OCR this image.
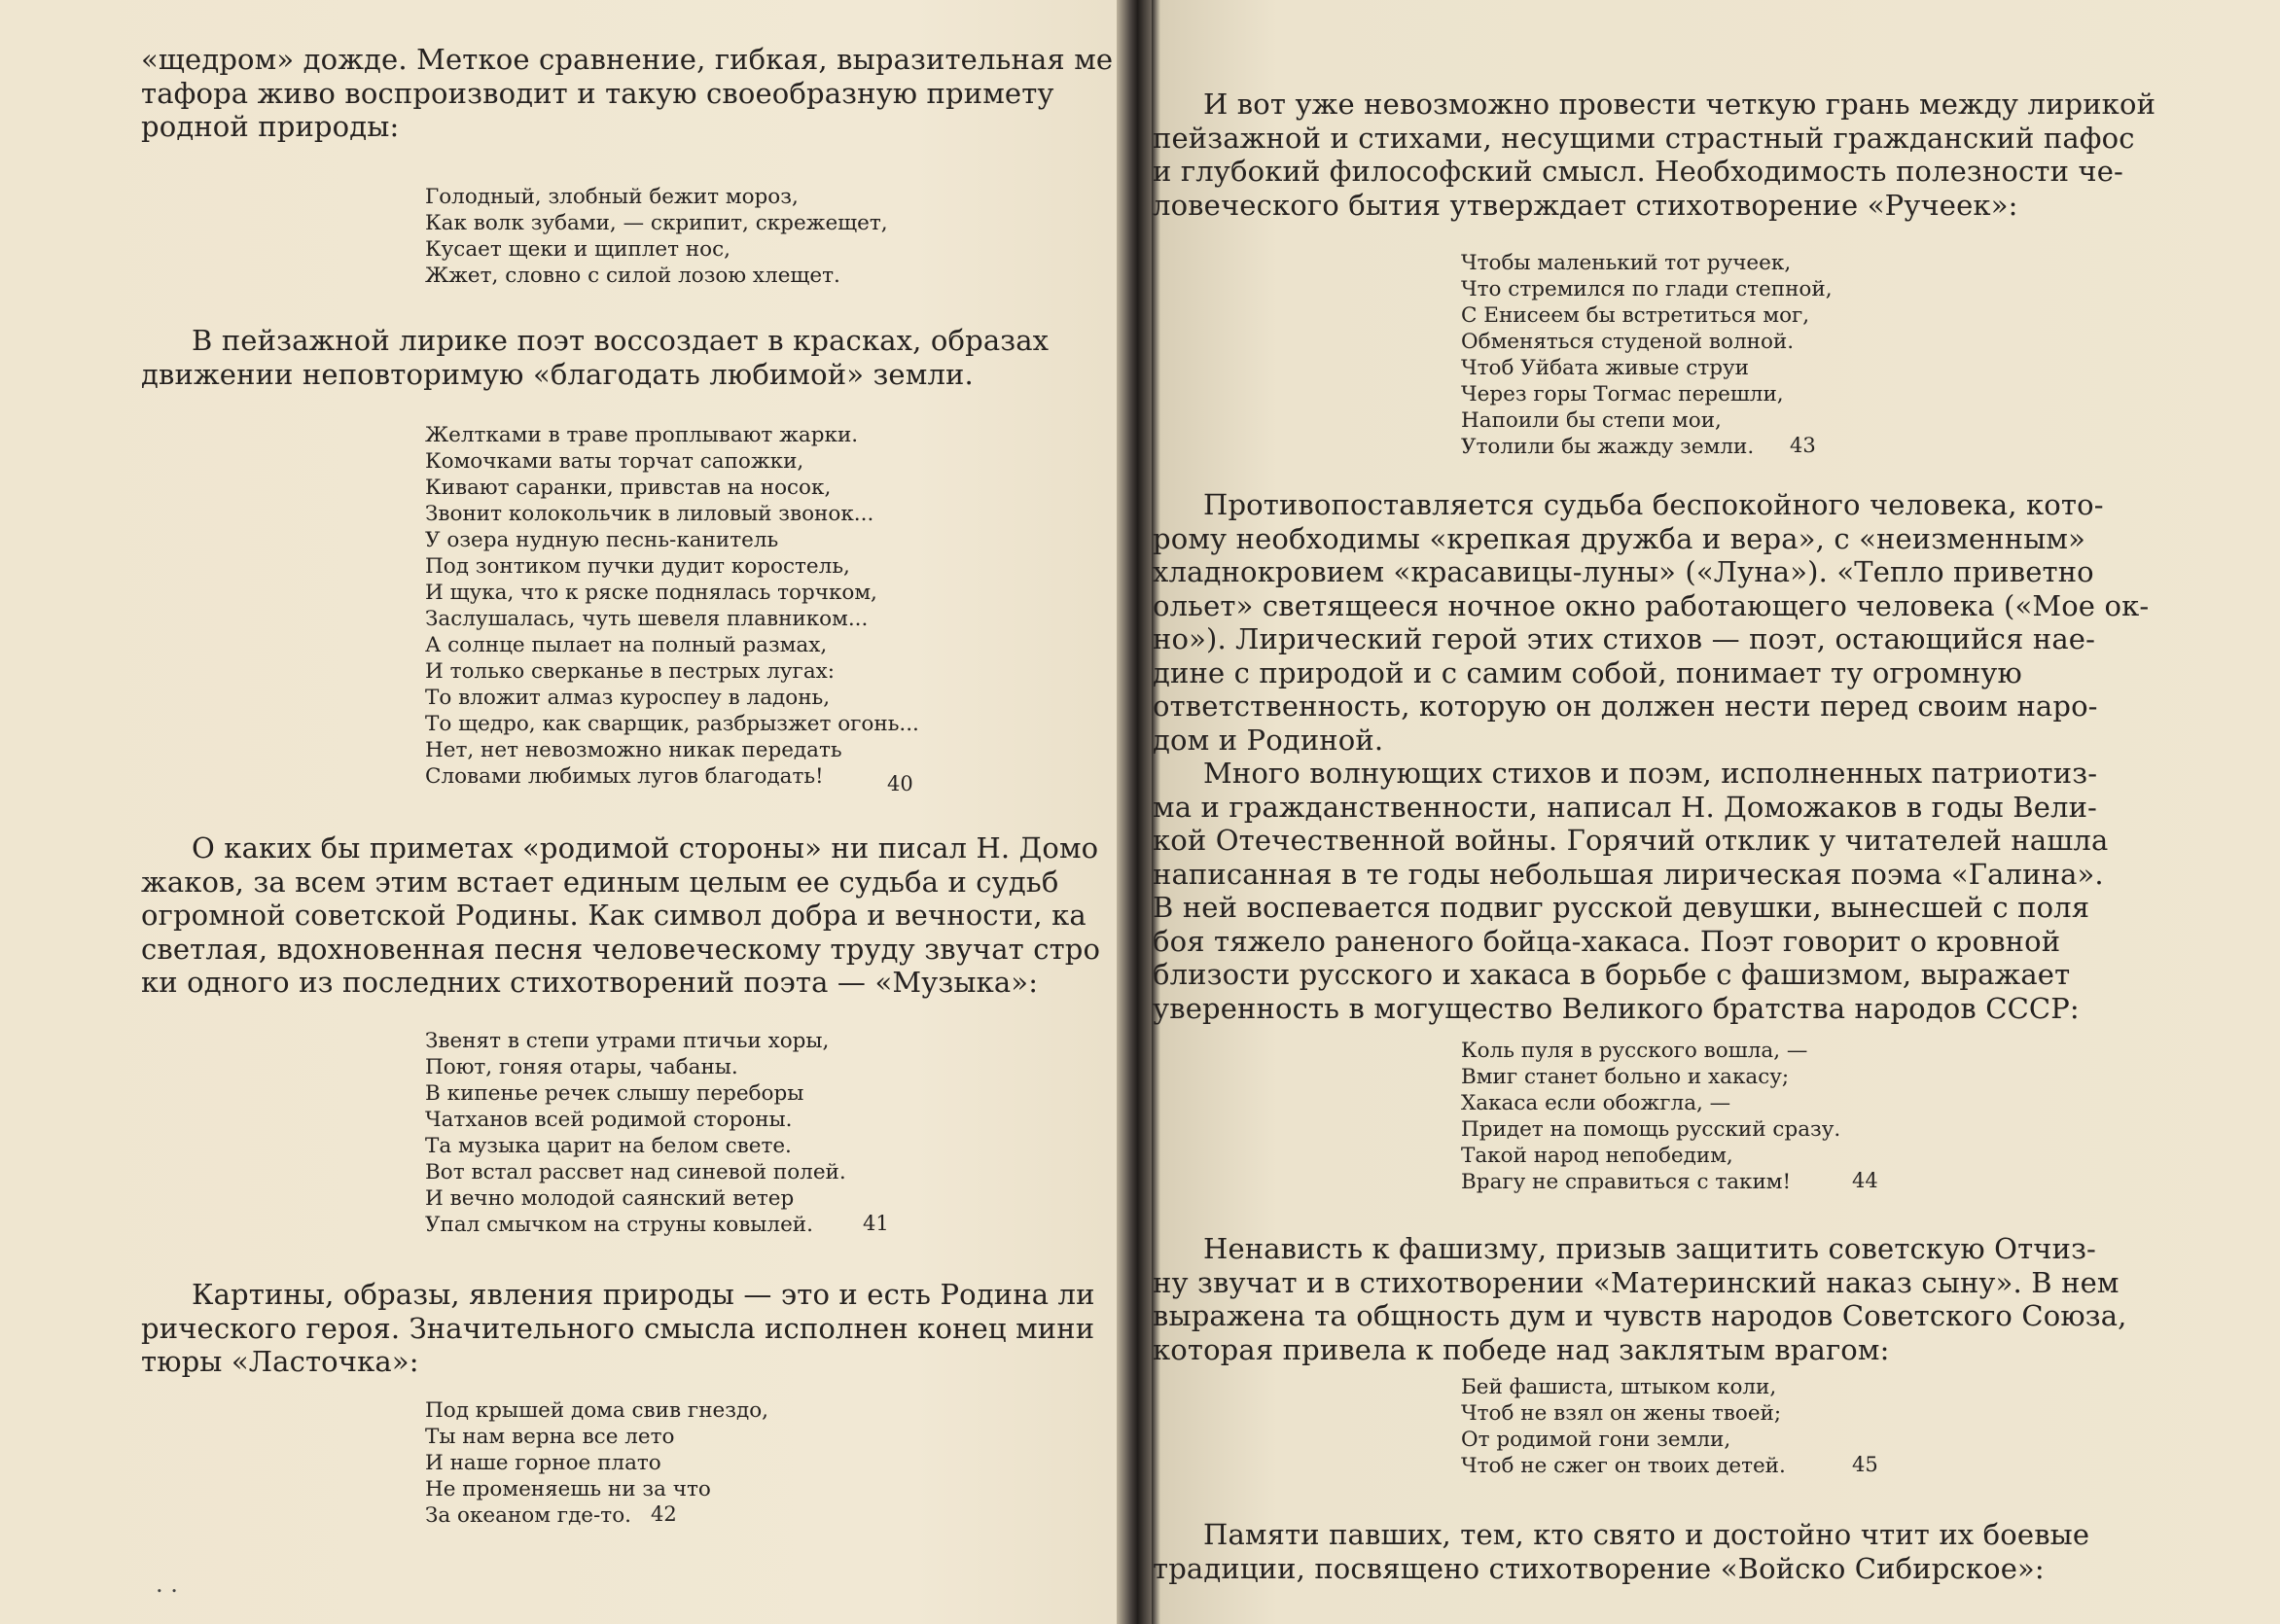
«щедром» дожде. Меткое сравнение, гибкая, выразительная ме
тафора живо воспроизводит и такую своеобразную примету
родной природы:

Голодный, злобный бежит мороз,
Как волк зубами, — скрипит, скрежещет,
Кусает щеки и щиплет нос,
Жжет, словно с силой лозою хлещет.

В пейзажной лирике поэт воссоздает в красках, образах
движении неповторимую «благодать любимой» земли.

Желтками в траве проплывают жарки.
Комочками ваты торчат сапожки,
Кивают саранки, привстав на носок,
Звонит колокольчик в лиловый звонок...
У озера нудную песнь-канитель
Под зонтиком пучки дудит коростель,
И щука, что к ряске поднялась торчком,
Заслушалась, чуть шевеля плавником...
А солнце пылает на полный размах,
И только сверканье в пестрых лугах:
То вложит алмаз куроспеу в ладонь,
То щедро, как сварщик, разбрызжет огонь...
Нет, нет невозможно никак передать
Словами любимых лугов благодать!	40

О каких бы приметах «родимой стороны» ни писал Н. Домо
жаков, за всем этим встает единым целым ее судьба и судьб
огромной советской Родины. Как символ добра и вечности, ка
светлая, вдохновенная песня человеческому труду звучат стро
ки одного из последних стихотворений поэта — «Музыка»:

Звенят в степи утрами птичьи хоры,
Поют, гоняя отары, чабаны.
В кипенье речек слышу переборы
Чатханов всей родимой стороны.
Та музыка царит на белом свете.
Вот встал рассвет над синевой полей.
И вечно молодой саянский ветер
Упал смычком на струны ковылей.	41

Картины, образы, явления природы — это и есть Родина ли
рического героя. Значительного смысла исполнен конец мини
тюры «Ласточка»:

Под крышей дома свив гнездо,
Ты нам верна все лето
И наше горное плато
Не променяешь ни за что
За океаном где-то. 42
. .

И вот уже невозможно провести четкую грань между лирикой
пейзажной и стихами, несущими страстный гражданский пафос
и глубокий философский смысл. Необходимость полезности че-
ловеческого бытия утверждает стихотворение «Ручеек»:

Чтобы маленький тот ручеек,
Что стремился по глади степной,
С Енисеем бы встретиться мог,
Обменяться студеной волной.
Чтоб Уйбата живые струи
Через горы Тогмас перешли,
Напоили бы степи мои,
Утолили бы жажду земли.	43

Противопоставляется судьба беспокойного человека, кото-
рому необходимы «крепкая дружба и вера», с «неизменным»
хладнокровием «красавицы-луны» («Луна»). «Тепло приветно
ольет» светящееся ночное окно работающего человека («Мое ок-
но»). Лирический герой этих стихов — поэт, остающийся нае-
дине с природой и с самим собой, понимает ту огромную
ответственность, которую он должен нести перед своим наро-
дом и Родиной.

Много волнующих стихов и поэм, исполненных патриотиз-
ма и гражданственности, написал Н. Доможаков в годы Вели-
кой Отечественной войны. Горячий отклик у читателей нашла
написанная в те годы небольшая лирическая поэма «Галина».
В ней воспевается подвиг русской девушки, вынесшей с поля
боя тяжело раненого бойца-хакаса. Поэт говорит о кровной
близости русского и хакаса в борьбе с фашизмом, выражает
уверенность в могущество Великого братства народов СССР:

Коль пуля в русского вошла, —
Вмиг станет больно и хакасу;
Хакаса если обожгла, —
Придет на помощь русский сразу.
Такой народ непобедим,
Врагу не справиться с таким!	44

Ненависть к фашизму, призыв защитить советскую Отчиз-
ну звучат и в стихотворении «Материнский наказ сыну». В нем
выражена та общность дум и чувств народов Советского Союза,
которая привела к победе над заклятым врагом:

Бей фашиста, штыком коли,
Чтоб не взял он жены твоей;
От родимой гони земли,
Чтоб не сжег он твоих детей.	45

Памяти павших, тем, кто свято и достойно чтит их боевые
традиции, посвящено стихотворение «Войско Сибирское»:
